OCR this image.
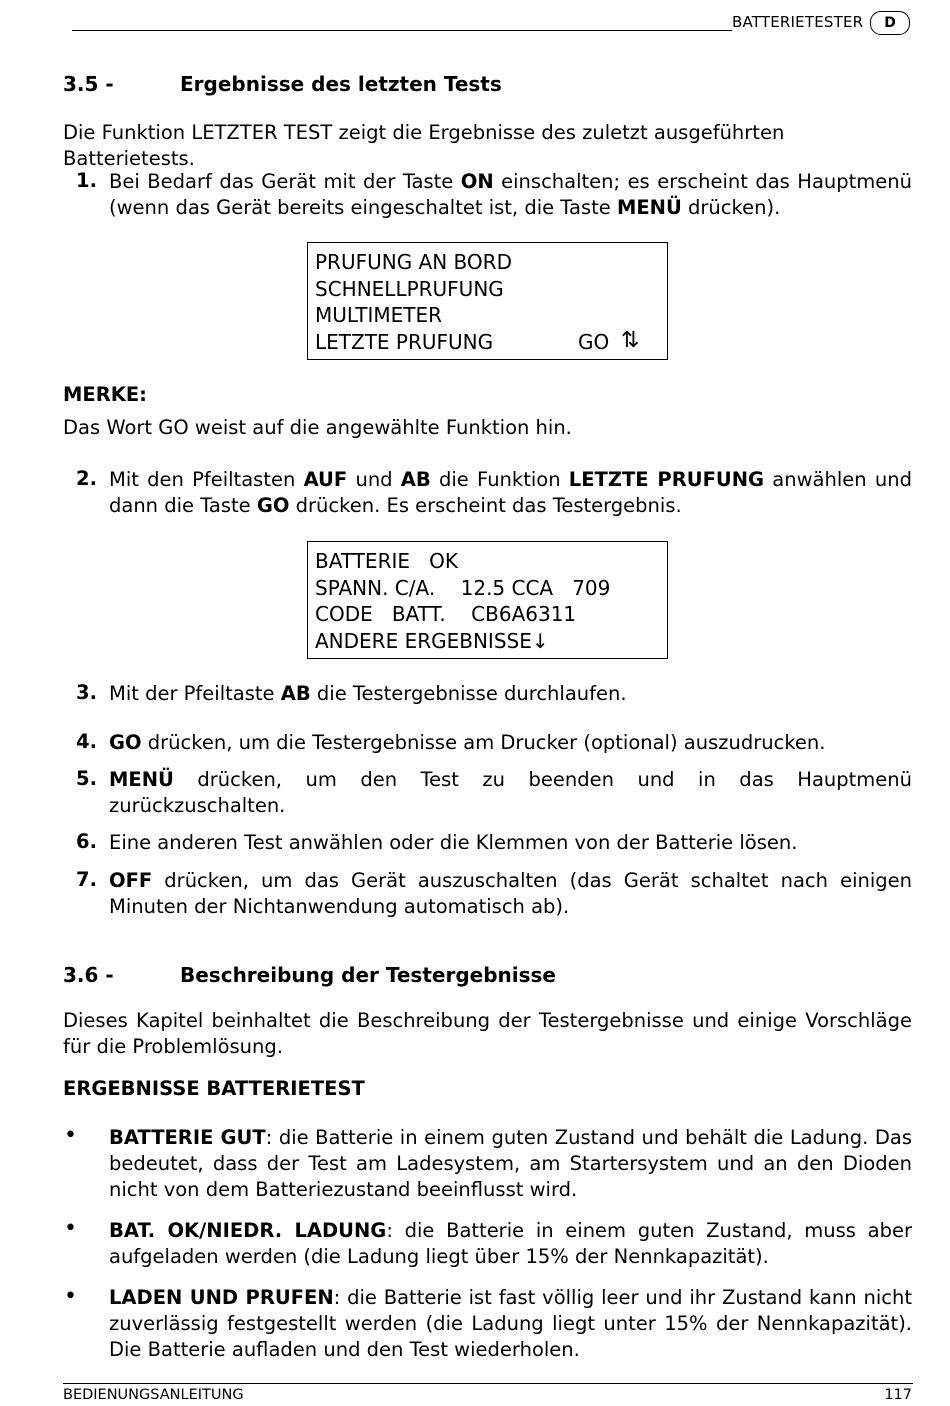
BATTERIETESTER	D
3.5 -	Ergebnisse des letzten Tests
Die Funktion LETZTER TEST zeigt die Ergebnisse des zuletzt ausgeführten Batterietests.
1. Bei Bedarf das Gerät mit der Taste ON einschalten; es erscheint das Hauptmenü (wenn das Gerät bereits eingeschaltet ist, die Taste MENÜ drücken).
PRUFUNG AN BORD
SCHNELLPRUFUNG
MULTIMETER
LETZTE PRUFUNG	GO ⇅
MERKE:
Das Wort GO weist auf die angewählte Funktion hin.
2. Mit den Pfeiltasten AUF und AB die Funktion LETZTE PRUFUNG anwählen und dann die Taste GO drücken. Es erscheint das Testergebnis.
BATTERIE   OK
SPANN. C/A.    12.5 CCA   709
CODE   BATT.    CB6A6311
ANDERE ERGEBNISSE↓
3. Mit der Pfeiltaste AB die Testergebnisse durchlaufen.
4. GO drücken, um die Testergebnisse am Drucker (optional) auszudrucken.
5. MENÜ drücken, um den Test zu beenden und in das Hauptmenü
zurückzuschalten.
6. Eine anderen Test anwählen oder die Klemmen von der Batterie lösen.
7. OFF drücken, um das Gerät auszuschalten (das Gerät schaltet nach einigen
Minuten der Nichtanwendung automatisch ab).
3.6 -	Beschreibung der Testergebnisse
Dieses Kapitel beinhaltet die Beschreibung der Testergebnisse und einige Vorschläge für die Problemlösung.
ERGEBNISSE BATTERIETEST
• BATTERIE GUT: die Batterie in einem guten Zustand und behält die Ladung. Das bedeutet, dass der Test am Ladesystem, am Startersystem und an den Dioden nicht von dem Batteriezustand beeinflusst wird.
• BAT. OK/NIEDR. LADUNG: die Batterie in einem guten Zustand, muss aber aufgeladen werden (die Ladung liegt über 15% der Nennkapazität).
• LADEN UND PRUFEN: die Batterie ist fast völlig leer und ihr Zustand kann nicht zuverlässig festgestellt werden (die Ladung liegt unter 15% der Nennkapazität). Die Batterie aufladen und den Test wiederholen.
BEDIENUNGSANLEITUNG	117
